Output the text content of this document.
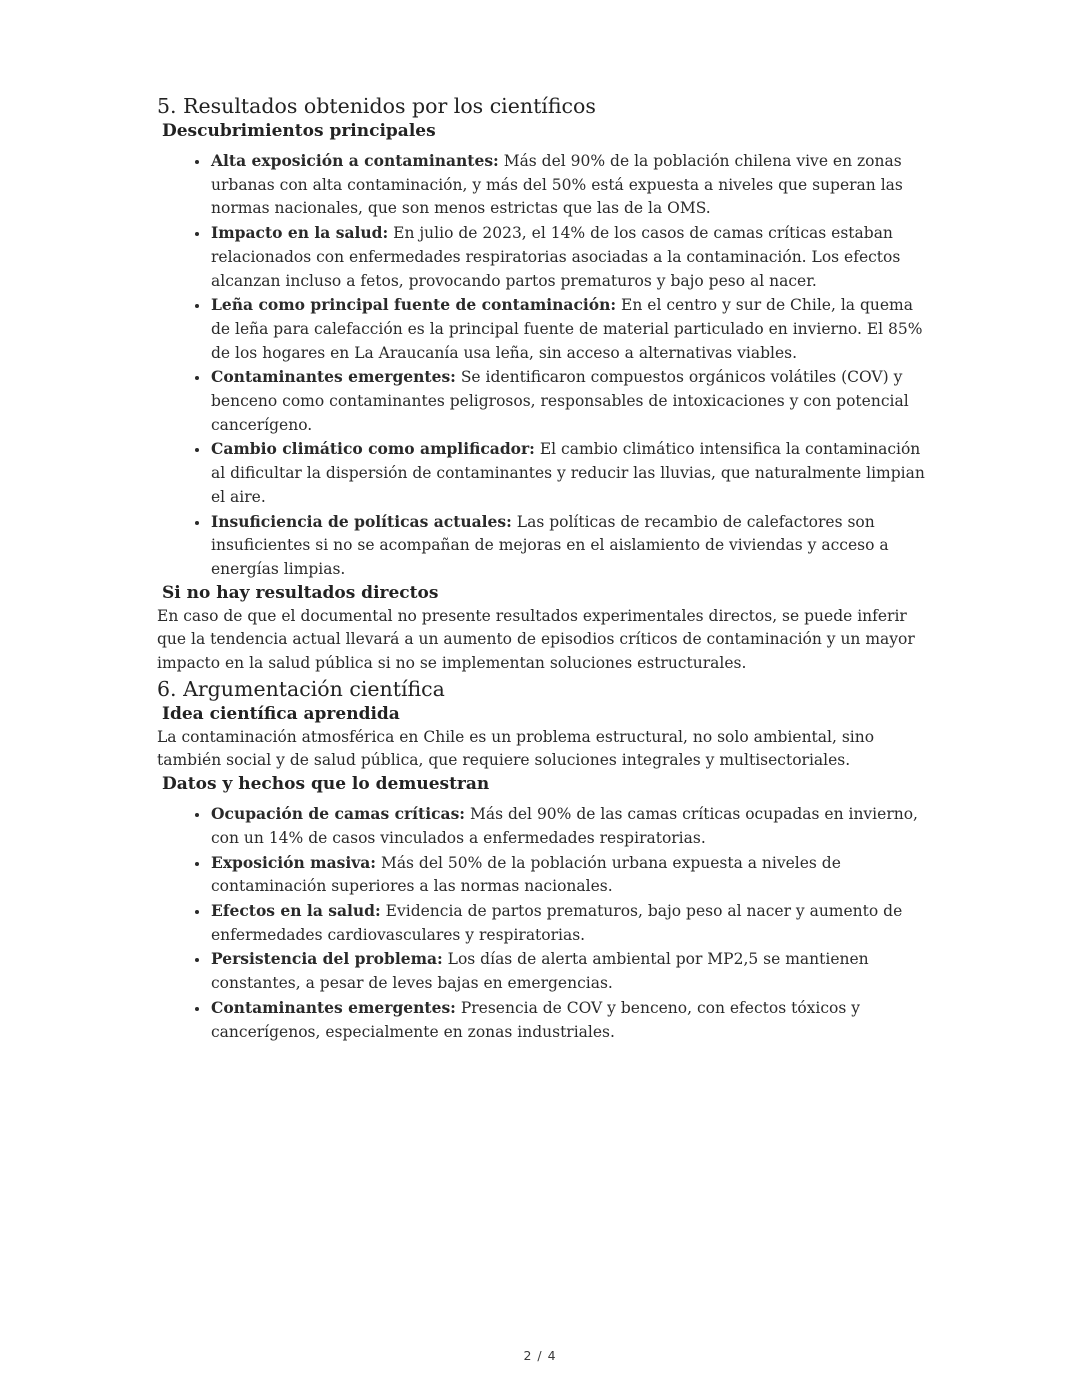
5. Resultados obtenidos por los científicos
Descubrimientos principales
• Alta exposición a contaminantes: Más del 90% de la población chilena vive en zonas urbanas con alta contaminación, y más del 50% está expuesta a niveles que superan las normas nacionales, que son menos estrictas que las de la OMS.
• Impacto en la salud: En julio de 2023, el 14% de los casos de camas críticas estaban relacionados con enfermedades respiratorias asociadas a la contaminación. Los efectos alcanzan incluso a fetos, provocando partos prematuros y bajo peso al nacer.
• Leña como principal fuente de contaminación: En el centro y sur de Chile, la quema de leña para calefacción es la principal fuente de material particulado en invierno. El 85% de los hogares en La Araucanía usa leña, sin acceso a alternativas viables.
• Contaminantes emergentes: Se identificaron compuestos orgánicos volátiles (COV) y benceno como contaminantes peligrosos, responsables de intoxicaciones y con potencial cancerígeno.
• Cambio climático como amplificador: El cambio climático intensifica la contaminación al dificultar la dispersión de contaminantes y reducir las lluvias, que naturalmente limpian el aire.
• Insuficiencia de políticas actuales: Las políticas de recambio de calefactores son insuficientes si no se acompañan de mejoras en el aislamiento de viviendas y acceso a energías limpias.
Si no hay resultados directos

En caso de que el documental no presente resultados experimentales directos, se puede inferir que la tendencia actual llevará a un aumento de episodios críticos de contaminación y un mayor impacto en la salud pública si no se implementan soluciones estructurales.

6. Argumentación científica
Idea científica aprendida

La contaminación atmosférica en Chile es un problema estructural, no solo ambiental, sino también social y de salud pública, que requiere soluciones integrales y multisectoriales.

Datos y hechos que lo demuestran
• Ocupación de camas críticas: Más del 90% de las camas críticas ocupadas en invierno, con un 14% de casos vinculados a enfermedades respiratorias.
• Exposición masiva: Más del 50% de la población urbana expuesta a niveles de contaminación superiores a las normas nacionales.
• Efectos en la salud: Evidencia de partos prematuros, bajo peso al nacer y aumento de enfermedades cardiovasculares y respiratorias.
• Persistencia del problema: Los días de alerta ambiental por MP2,5 se mantienen constantes, a pesar de leves bajas en emergencias.
• Contaminantes emergentes: Presencia de COV y benceno, con efectos tóxicos y cancerígenos, especialmente en zonas industriales.
2 / 4
